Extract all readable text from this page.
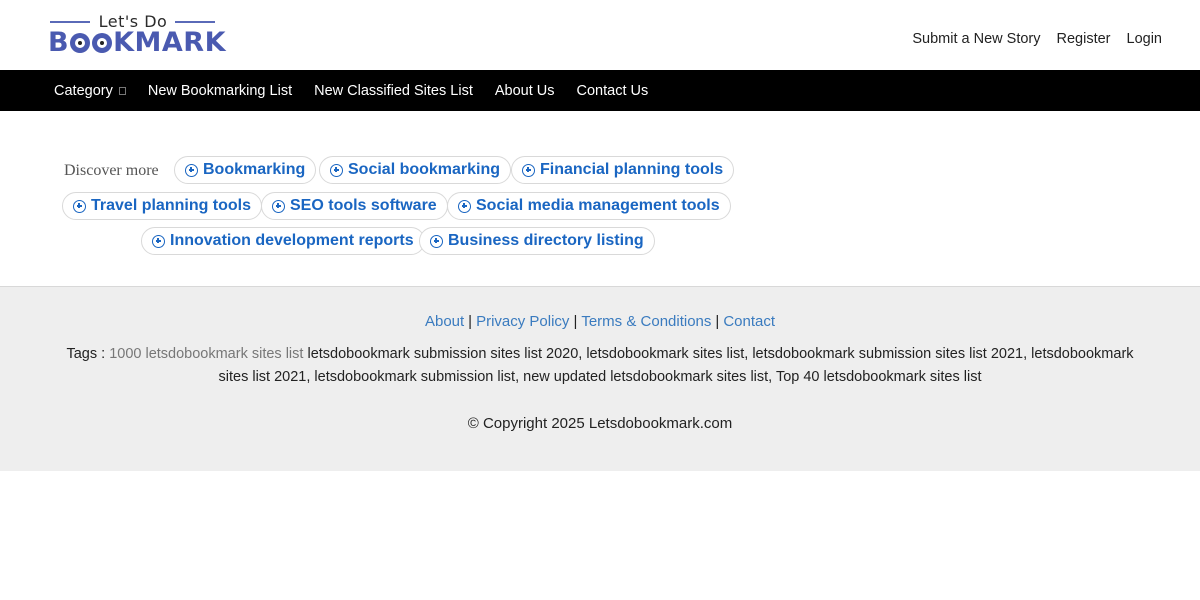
Let's Do
B KMARK	Submit a New Story Register Login
Category	New Bookmarking List	New Classified Sites List	About Us	Contact Us
Discover more	Bookmarking	Social bookmarking Financial planning tools
Travel planning tools SEO tools software Social media management tools
Innovation development reports Business directory listing
About | Privacy Policy | Terms & Conditions | Contact
Tags : 1000 letsdobookmark sites list letsdobookmark submission sites list 2020, letsdobookmark sites list, letsdobookmark submission sites list 2021, letsdobookmark sites list 2021, letsdobookmark submission list, new updated letsdobookmark sites list, Top 40 letsdobookmark sites list
© Copyright 2025 Letsdobookmark.com
